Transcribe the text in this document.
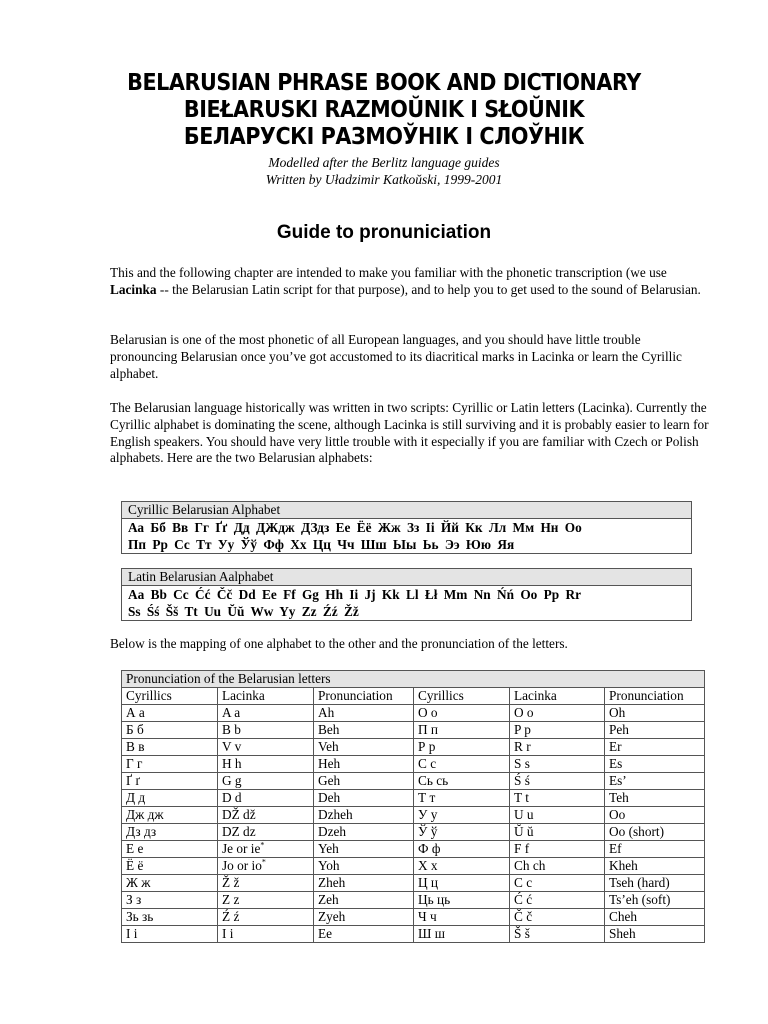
BELARUSIAN PHRASE BOOK AND DICTIONARY
BIEŁARUSKI RAZMOŬNIK I SŁOŬNIK
БЕЛАРУСКІ РАЗМОЎНІК І СЛОЎНІК
Modelled after the Berlitz language guides
Written by Uładzimir Katkoŭski, 1999-2001
Guide to pronuniciation

This and the following chapter are intended to make you familiar with the phonetic transcription (we use Lacinka -- the Belarusian Latin script for that purpose), and to help you to get used to the sound of Belarusian.

Belarusian is one of the most phonetic of all European languages, and you should have little trouble pronouncing Belarusian once you’ve got accustomed to its diacritical marks in Lacinka or learn the Cyrillic alphabet.

The Belarusian language historically was written in two scripts: Cyrillic or Latin letters (Lacinka). Currently the Cyrillic alphabet is dominating the scene, although Lacinka is still surviving and it is probably easier to learn for English speakers. You should have very little trouble with it especially if you are familiar with Czech or Polish alphabets. Here are the two Belarusian alphabets:

Cyrillic Belarusian Alphabet
Аа Бб Вв Гг Ґґ Дд ДЖдж ДЗдз Ее Ёё Жж Зз Іі Йй Кк Лл Мм Нн Оо
Пп Рр Сс Тт Уу Ўў Фф Хх Цц Чч Шш Ыы Ьь Ээ Юю Яя
Latin Belarusian Aalphabet
Aa Bb Cc Ćć Čč Dd Ee Ff Gg Hh Ii Jj Kk Ll Łł Mm Nn Ńń Oo Pp Rr
Ss Śś Šš Tt Uu Ŭŭ Ww Yy Zz Źź Žž
Below is the mapping of one alphabet to the other and the pronunciation of the letters.
Pronunciation of the Belarusian letters					
Cyrillics	Lacinka	Pronunciation	Cyrillics	Lacinka	Pronunciation
А а	A a	Ah	О о	O o	Oh
Б б	B b	Beh	П п	P p	Peh
В в	V v	Veh	Р р	R r	Er
Г г	H h	Heh	С с	S s	Es
Ґ ґ	G g	Geh	Сь сь	Ś ś	Es’
Д д	D d	Deh	Т т	T t	Teh
Дж дж	DŽ dž	Dzheh	У у	U u	Oo
Дз дз	DZ dz	Dzeh	Ў ў	Ŭ ŭ	Oo (short)
Е е	Je or ie*	Yeh	Ф ф	F f	Ef
Ё ё	Jo or io*	Yoh	Х х	Ch ch	Kheh
Ж ж	Ž ž	Zheh	Ц ц	C c	Tseh (hard)
З з	Z z	Zeh	Ць ць	Ć ć	Ts’eh (soft)
Зь зь	Ź ź	Zyeh	Ч ч	Č č	Cheh
І і	I i	Ee	Ш ш	Š š	Sheh
